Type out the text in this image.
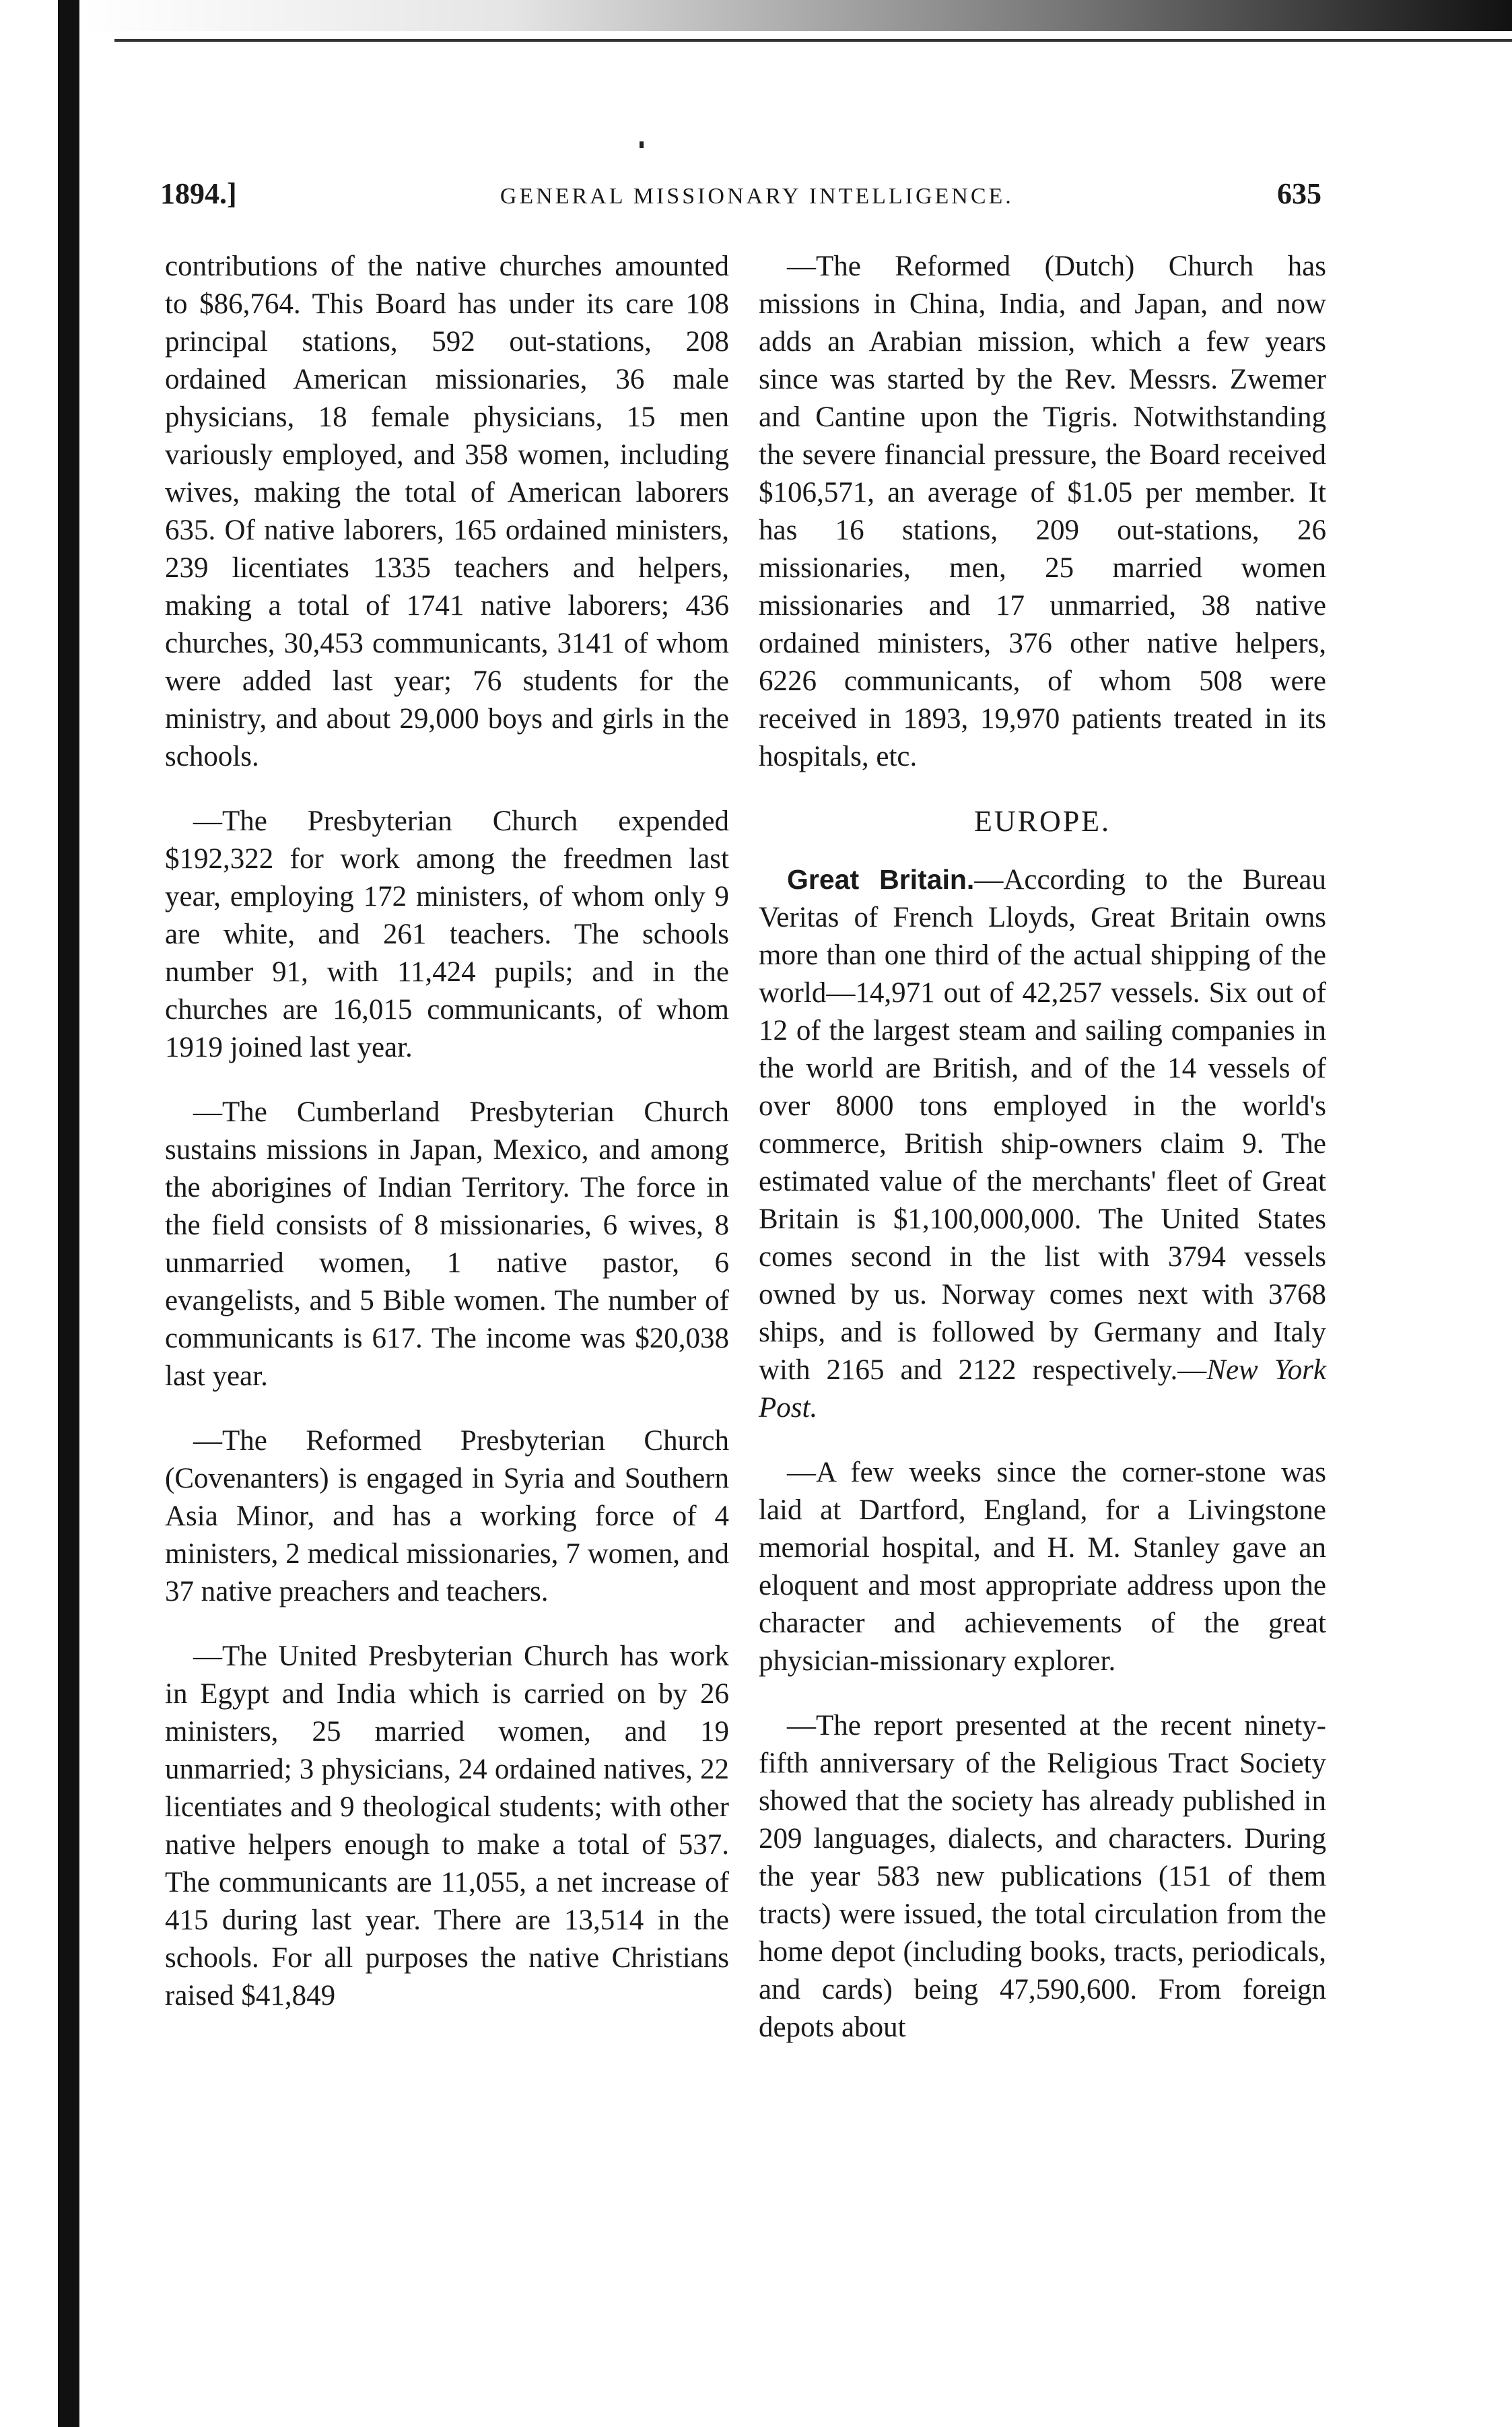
1894.]	GENERAL MISSIONARY INTELLIGENCE.	635

contributions of the native churches amounted to $86,764. This Board has under its care 108 principal stations, 592 out-stations, 208 ordained American missionaries, 36 male physicians, 18 female physicians, 15 men variously employed, and 358 women, including wives, making the total of American laborers 635. Of native laborers, 165 ordained ministers, 239 licentiates 1335 teachers and helpers, making a total of 1741 native laborers; 436 churches, 30,453 communicants, 3141 of whom were added last year; 76 students for the ministry, and about 29,000 boys and girls in the schools.

—The Presbyterian Church expended $192,322 for work among the freedmen last year, employing 172 ministers, of whom only 9 are white, and 261 teachers. The schools number 91, with 11,424 pupils; and in the churches are 16,015 communicants, of whom 1919 joined last year.

—The Cumberland Presbyterian Church sustains missions in Japan, Mexico, and among the aborigines of Indian Territory. The force in the field consists of 8 missionaries, 6 wives, 8 unmarried women, 1 native pastor, 6 evangelists, and 5 Bible women. The number of communicants is 617. The income was $20,038 last year.

—The Reformed Presbyterian Church (Covenanters) is engaged in Syria and Southern Asia Minor, and has a working force of 4 ministers, 2 medical missionaries, 7 women, and 37 native preachers and teachers.

—The United Presbyterian Church has work in Egypt and India which is carried on by 26 ministers, 25 married women, and 19 unmarried; 3 physicians, 24 ordained natives, 22 licentiates and 9 theological students; with other native helpers enough to make a total of 537. The communicants are 11,055, a net increase of 415 during last year. There are 13,514 in the schools. For all purposes the native Christians raised $41,849

—The Reformed (Dutch) Church has missions in China, India, and Japan, and now adds an Arabian mission, which a few years since was started by the Rev. Messrs. Zwemer and Cantine upon the Tigris. Notwithstanding the severe financial pressure, the Board received $106,571, an average of $1.05 per member. It has 16 stations, 209 out-stations, 26 missionaries, men, 25 married women missionaries and 17 unmarried, 38 native ordained ministers, 376 other native helpers, 6226 communicants, of whom 508 were received in 1893, 19,970 patients treated in its hospitals, etc.

EUROPE.

Great Britain.—According to the Bureau Veritas of French Lloyds, Great Britain owns more than one third of the actual shipping of the world—14,971 out of 42,257 vessels. Six out of 12 of the largest steam and sailing companies in the world are British, and of the 14 vessels of over 8000 tons employed in the world's commerce, British ship-owners claim 9. The estimated value of the merchants' fleet of Great Britain is $1,100,000,000. The United States comes second in the list with 3794 vessels owned by us. Norway comes next with 3768 ships, and is followed by Germany and Italy with 2165 and 2122 respectively.—New York Post.

—A few weeks since the corner-stone was laid at Dartford, England, for a Livingstone memorial hospital, and H. M. Stanley gave an eloquent and most appropriate address upon the character and achievements of the great physician-missionary explorer.

—The report presented at the recent ninety-fifth anniversary of the Religious Tract Society showed that the society has already published in 209 languages, dialects, and characters. During the year 583 new publications (151 of them tracts) were issued, the total circulation from the home depot (including books, tracts, periodicals, and cards) being 47,590,600. From foreign depots about
